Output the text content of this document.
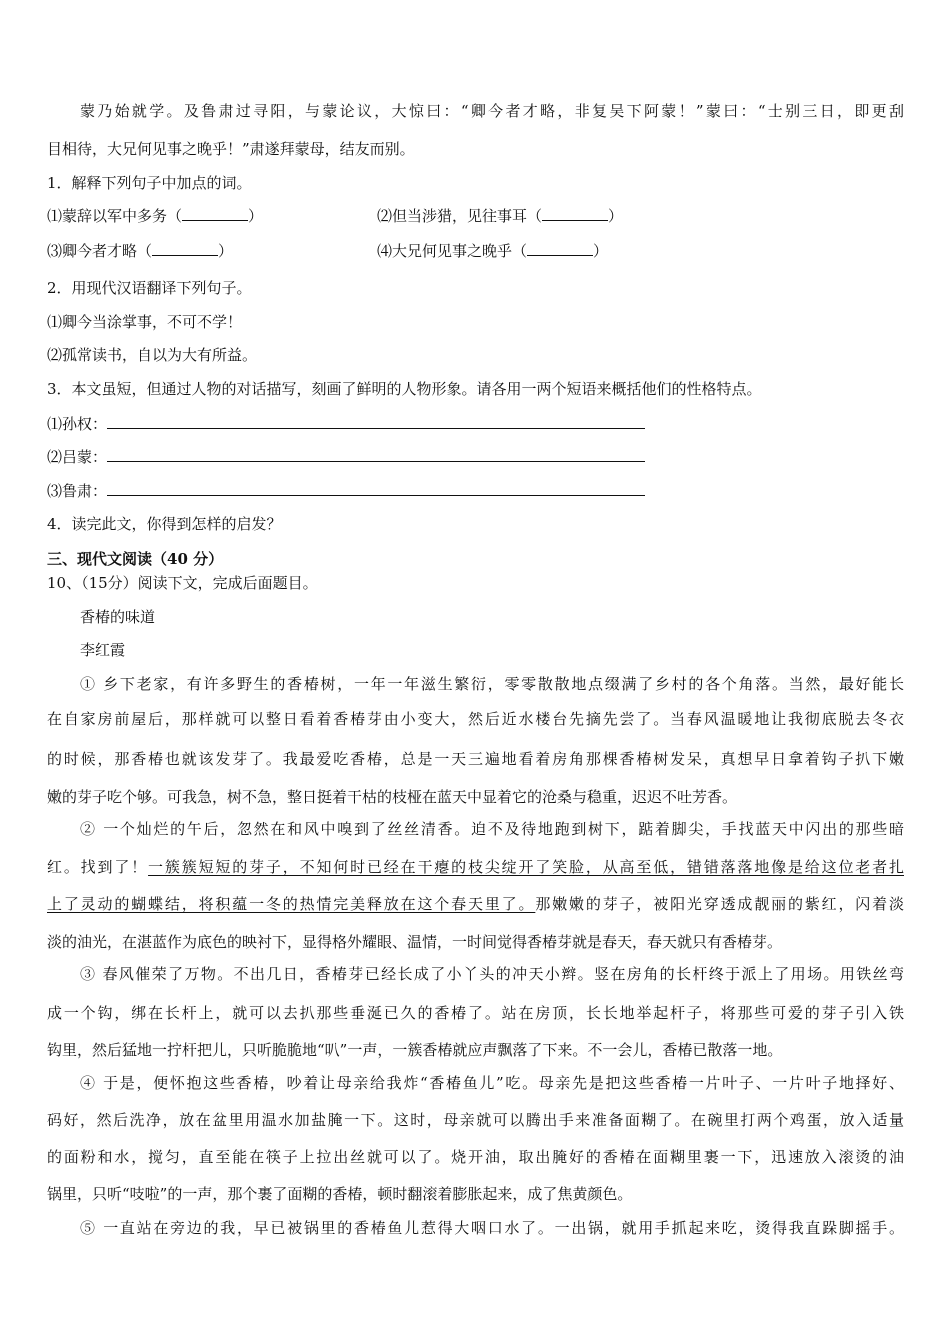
蒙乃始就学。及鲁肃过寻阳，与蒙论议，大惊曰：“卿今者才略，非复吴下阿蒙！”蒙曰：“士别三日，即更刮
目相待，大兄何见事之晚乎！”肃遂拜蒙母，结友而别。
1．解释下列句子中加点的词。
⑴蒙辞以军中多务（	）	⑵但当涉猎，见往事耳（	）
⑶卿今者才略（	）	⑷大兄何见事之晚乎（	）
2．用现代汉语翻译下列句子。
⑴卿今当涂掌事，不可不学！
⑵孤常读书，自以为大有所益。
3．本文虽短，但通过人物的对话描写，刻画了鲜明的人物形象。请各用一两个短语来概括他们的性格特点。
⑴孙权：
⑵吕蒙：
⑶鲁肃：
4．读完此文，你得到怎样的启发？
三、现代文阅读（40 分）
10、（15分）阅读下文，完成后面题目。
香椿的味道
李红霞
① 乡下老家，有许多野生的香椿树，一年一年滋生繁衍，零零散散地点缀满了乡村的各个角落。当然，最好能长
在自家房前屋后，那样就可以整日看着香椿芽由小变大，然后近水楼台先摘先尝了。当春风温暖地让我彻底脱去冬衣
的时候，那香椿也就该发芽了。我最爱吃香椿，总是一天三遍地看着房角那棵香椿树发呆，真想早日拿着钩子扒下嫩
嫩的芽子吃个够。可我急，树不急，整日挺着干枯的枝桠在蓝天中显着它的沧桑与稳重，迟迟不吐芳香。
② 一个灿烂的午后，忽然在和风中嗅到了丝丝清香。迫不及待地跑到树下，踮着脚尖，手找蓝天中闪出的那些暗
红。找到了！一簇簇短短的芽子，不知何时已经在干瘪的枝尖绽开了笑脸，从高至低，错错落落地像是给这位老者扎
上了灵动的蝴蝶结，将积蕴一冬的热情完美释放在这个春天里了。那嫩嫩的芽子，被阳光穿透成靓丽的紫红，闪着淡
淡的油光，在湛蓝作为底色的映衬下，显得格外耀眼、温情，一时间觉得香椿芽就是春天，春天就只有香椿芽。
③ 春风催荣了万物。不出几日，香椿芽已经长成了小丫头的冲天小辫。竖在房角的长杆终于派上了用场。用铁丝弯
成一个钩，绑在长杆上，就可以去扒那些垂涎已久的香椿了。站在房顶，长长地举起杆子，将那些可爱的芽子引入铁
钩里，然后猛地一拧杆把儿，只听脆脆地“叭”一声，一簇香椿就应声飘落了下来。不一会儿，香椿已散落一地。
④ 于是，便怀抱这些香椿，吵着让母亲给我炸“香椿鱼儿”吃。母亲先是把这些香椿一片叶子、一片叶子地择好、
码好，然后洗净，放在盆里用温水加盐腌一下。这时，母亲就可以腾出手来准备面糊了。在碗里打两个鸡蛋，放入适量
的面粉和水，搅匀，直至能在筷子上拉出丝就可以了。烧开油，取出腌好的香椿在面糊里裹一下，迅速放入滚烫的油
锅里，只听“吱啦”的一声，那个裹了面糊的香椿，顿时翻滚着膨胀起来，成了焦黄颜色。
⑤ 一直站在旁边的我，早已被锅里的香椿鱼儿惹得大咽口水了。一出锅，就用手抓起来吃，烫得我直跺脚摇手。
